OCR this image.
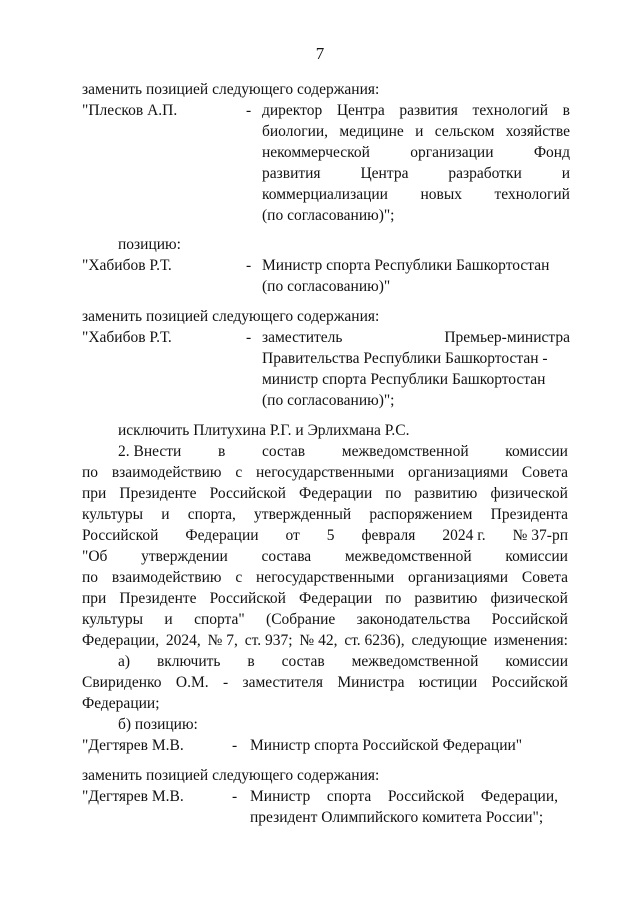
7
заменить позицией следующего содержания:
"Плесков А.П.	- директор Центра развития технологий в
биологии, медицине и сельском хозяйстве
некоммерческой	организации	Фонд
развития	Центра	разработки	и
коммерциализации новых технологий
(по согласованию)";
позицию:
"Хабибов Р.Т.	- Министр спорта Республики Башкортостан
(по согласованию)"
заменить позицией следующего содержания:
"Хабибов Р.Т.	- заместитель	Премьер-министра
Правительства Республики Башкортостан -
министр спорта Республики Башкортостан
(по согласованию)";
исключить Плитухина Р.Г. и Эрлихмана Р.С.
2. Внести в состав межведомственной комиссии
по взаимодействию с негосударственными организациями Совета
при Президенте Российской Федерации по развитию физической
культуры и спорта, утвержденный распоряжением Президента
Российской Федерации от 5 февраля 2024 г. № 37-рп
"Об утверждении состава межведомственной комиссии
по взаимодействию с негосударственными организациями Совета
при Президенте Российской Федерации по развитию физической
культуры и спорта" (Собрание законодательства Российской
Федерации, 2024, № 7, ст. 937; № 42, ст. 6236), следующие изменения:
а) включить в состав межведомственной комиссии
Свириденко О.М. - заместителя Министра юстиции Российской
Федерации;
б) позицию:
"Дегтярев М.В.	- Министр спорта Российской Федерации"
заменить позицией следующего содержания:
"Дегтярев М.В.	- Министр спорта Российской Федерации,
президент Олимпийского комитета России";
